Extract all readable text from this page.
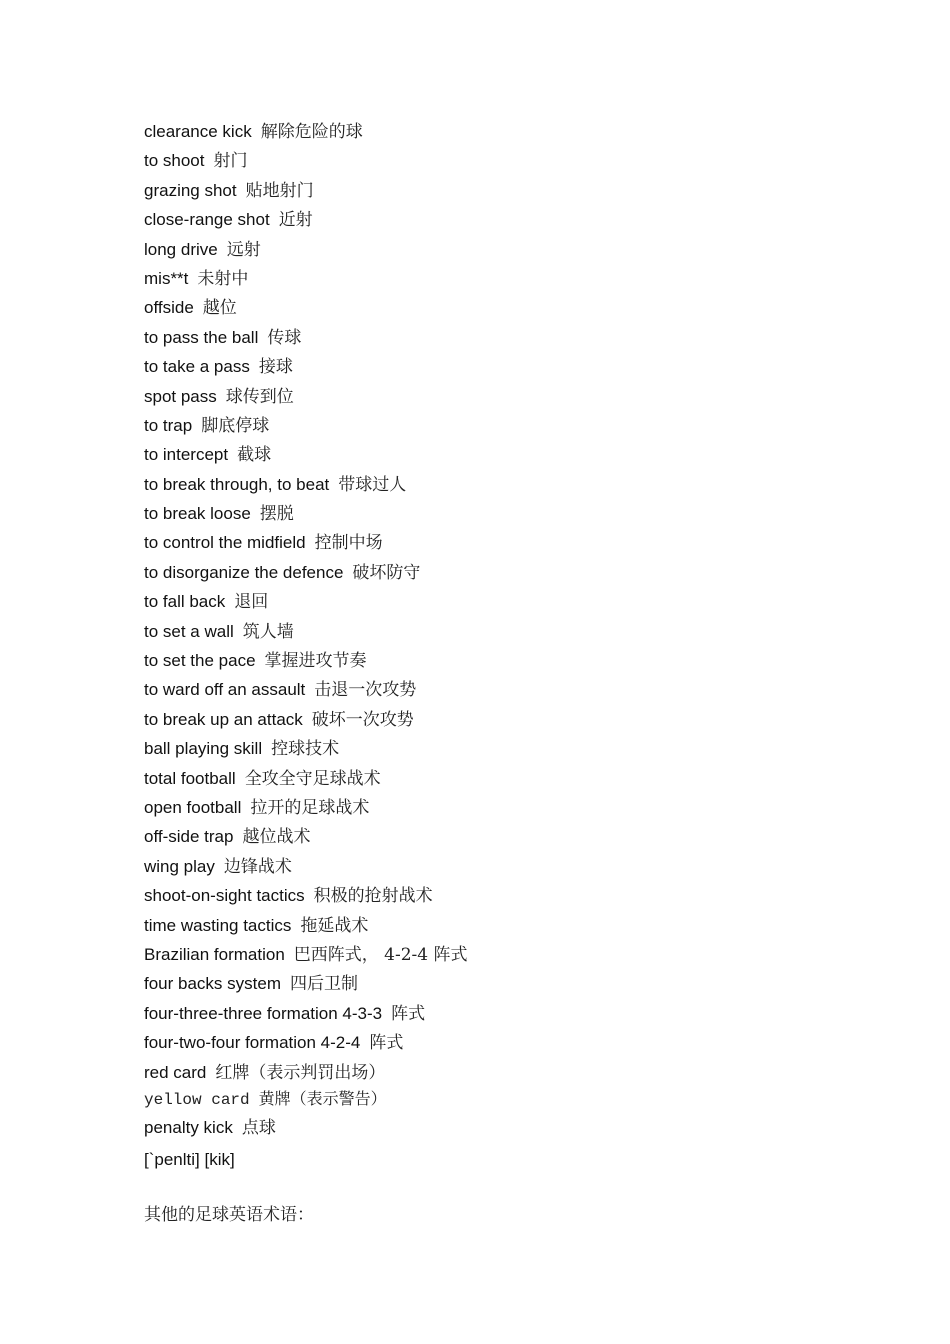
clearance kick 解除危险的球
to shoot 射门
grazing shot 贴地射门
close-range shot 近射
long drive 远射
mis**t 未射中
offside 越位
to pass the ball 传球
to take a pass 接球
spot pass 球传到位
to trap 脚底停球
to intercept 截球
to break through, to beat 带球过人
to break loose 摆脱
to control the midfield 控制中场
to disorganize the defence 破坏防守
to fall back 退回
to set a wall 筑人墙
to set the pace 掌握进攻节奏
to ward off an assault 击退一次攻势
to break up an attack 破坏一次攻势
ball playing skill 控球技术
total football 全攻全守足球战术
open football 拉开的足球战术
off-side trap 越位战术
wing play 边锋战术
shoot-on-sight tactics 积极的抢射战术
time wasting tactics 拖延战术
Brazilian formation 巴西阵式， 4-2-4 阵式
four backs system 四后卫制
four-three-three formation 4-3-3 阵式
four-two-four formation 4-2-4 阵式
red card 红牌（表示判罚出场）
yellow card 黄牌（表示警告）
penalty kick 点球
[`penlti] [kik]
其他的足球英语术语：
